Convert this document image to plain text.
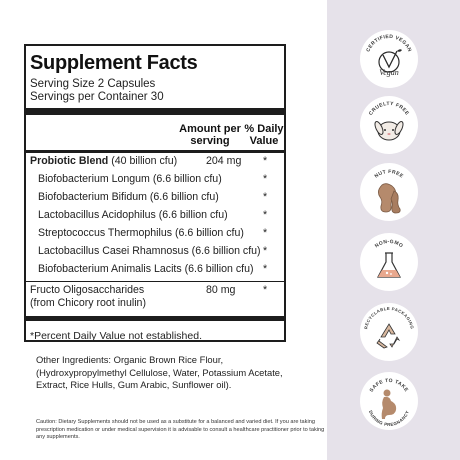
Supplement Facts
Serving Size 2 Capsules
Servings per Container 30
Amount per serving
% Daily Value
Probiotic Blend (40 billion cfu)	204 mg *
Biofobacterium Longum (6.6 billion cfu)	*
Biofobacterium Bifidum (6.6 billion cfu)	*
Lactobacillus Acidophilus (6.6 billion cfu)	*
Streptococcus Thermophilus (6.6 billion cfu) *
Lactobacillus Casei Rhamnosus (6.6 billion cfu) *
Biofobacterium Animalis Lacits (6.6 billion cfu) *
Fructo Oligosaccharides
(from Chicory root inulin)
80 mg	*
*Percent Daily Value not established.
Other Ingredients: Organic Brown Rice Flour, (Hydroxypropylmethyl Cellulose, Water, Potassium Acetate, Extract, Rice Hulls, Gum Arabic, Sunflower oil).
Caution: Dietary Supplements should not be used as a substitute for a balanced and varied diet. If you are taking prescription medication or under medical supervision it is advisable to consult a healthcare practitioner prior to taking any supplements.
CERTIFIED VEGAN
Vegan
CRUELTY FREE
NUT FREE
NON-GMO
RECYCLABLE PACKAGING
SAFE TO TAKE
DURING PREGNANCY
